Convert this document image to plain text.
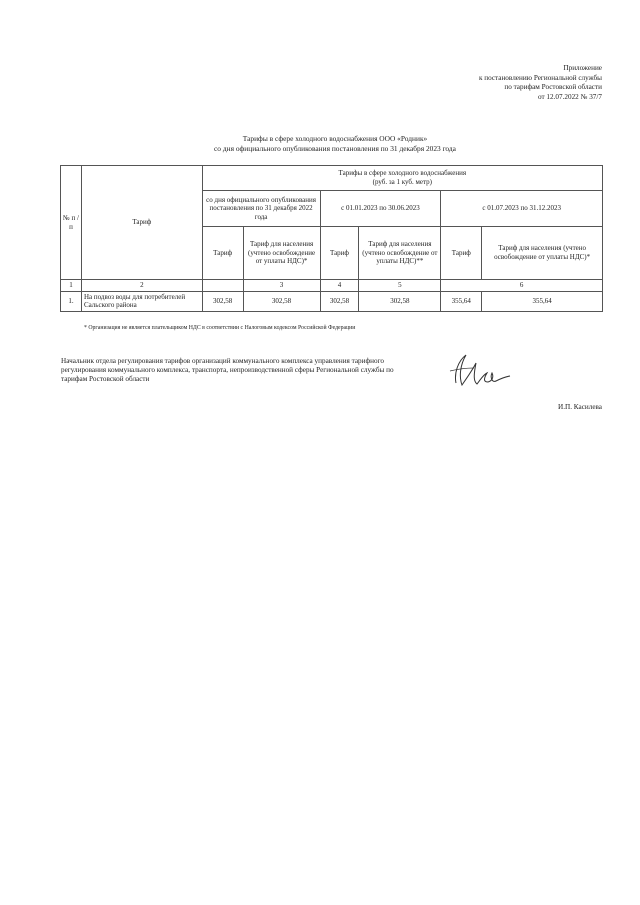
Приложение
к постановлению Региональной службы
по тарифам Ростовской области
от 12.07.2022 № 37/7
Тарифы в сфере холодного водоснабжения ООО «Родник»
со дня официального опубликования постановления по 31 декабря 2023 года
№ п /п	Тариф	Тарифы в сфере холодного водоснабжения
(руб. за 1 куб. метр)					

		со дня официального опубликования постановления по 31 декабря 2022 года		с 01.01.2023 по 30.06.2023		с 01.07.2023 по 31.12.2023	
		Тариф	Тариф для населения (учтено освобождение от уплаты НДС)*	Тариф	Тариф для населения (учтено освобождение от уплаты НДС)**	Тариф	Тариф для населения (учтено освобождение от уплаты НДС)*
1	2		3	4	5	6	
1.	На подвоз воды для потребителей Сальского района	302,58	302,58	302,58	302,58	355,64	355,64
* Организация не является плательщиком НДС в соответствии с Налоговым кодексом Российской Федерации
Начальник отдела регулирования тарифов организаций коммунального комплекса управления тарифного регулирования коммунального комплекса, транспорта, непроизводственной сферы Региональной службы по тарифам Ростовской области
И.П. Касилева
